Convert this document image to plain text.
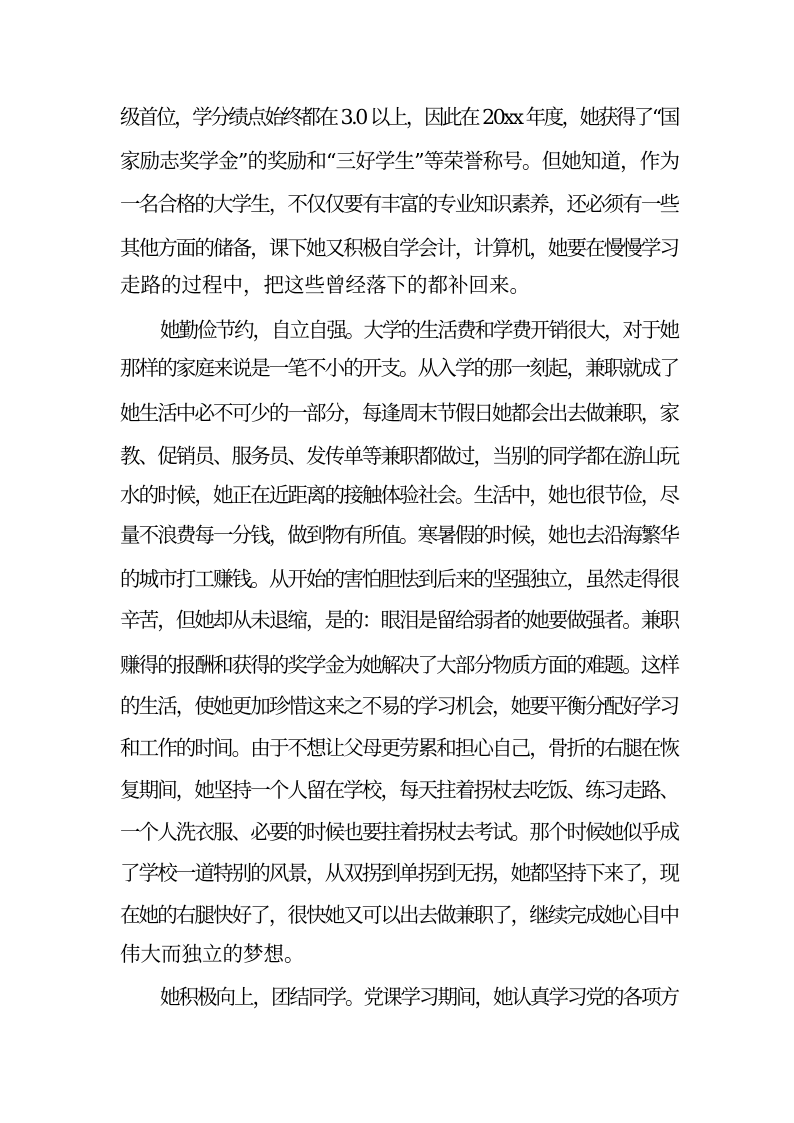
级首位，学分绩点始终都在 3.0 以上，因此在 20xx 年度，她获得了“国
家励志奖学金”的奖励和“三好学生”等荣誉称号。但她知道，作为
一名合格的大学生，不仅仅要有丰富的专业知识素养，还必须有一些
其他方面的储备，课下她又积极自学会计，计算机，她要在慢慢学习
走路的过程中，把这些曾经落下的都补回来。
她勤俭节约，自立自强。大学的生活费和学费开销很大，对于她
那样的家庭来说是一笔不小的开支。从入学的那一刻起，兼职就成了
她生活中必不可少的一部分，每逢周末节假日她都会出去做兼职，家
教、促销员、服务员、发传单等兼职都做过，当别的同学都在游山玩
水的时候，她正在近距离的接触体验社会。生活中，她也很节俭，尽
量不浪费每一分钱，做到物有所值。寒暑假的时候，她也去沿海繁华
的城市打工赚钱。从开始的害怕胆怯到后来的坚强独立，虽然走得很
辛苦，但她却从未退缩，是的：眼泪是留给弱者的她要做强者。兼职
赚得的报酬和获得的奖学金为她解决了大部分物质方面的难题。这样
的生活，使她更加珍惜这来之不易的学习机会，她要平衡分配好学习
和工作的时间。由于不想让父母更劳累和担心自己，骨折的右腿在恢
复期间，她坚持一个人留在学校，每天拄着拐杖去吃饭、练习走路、
一个人洗衣服、必要的时候也要拄着拐杖去考试。那个时候她似乎成
了学校一道特别的风景，从双拐到单拐到无拐，她都坚持下来了，现
在她的右腿快好了，很快她又可以出去做兼职了，继续完成她心目中
伟大而独立的梦想。
她积极向上，团结同学。党课学习期间，她认真学习党的各项方
